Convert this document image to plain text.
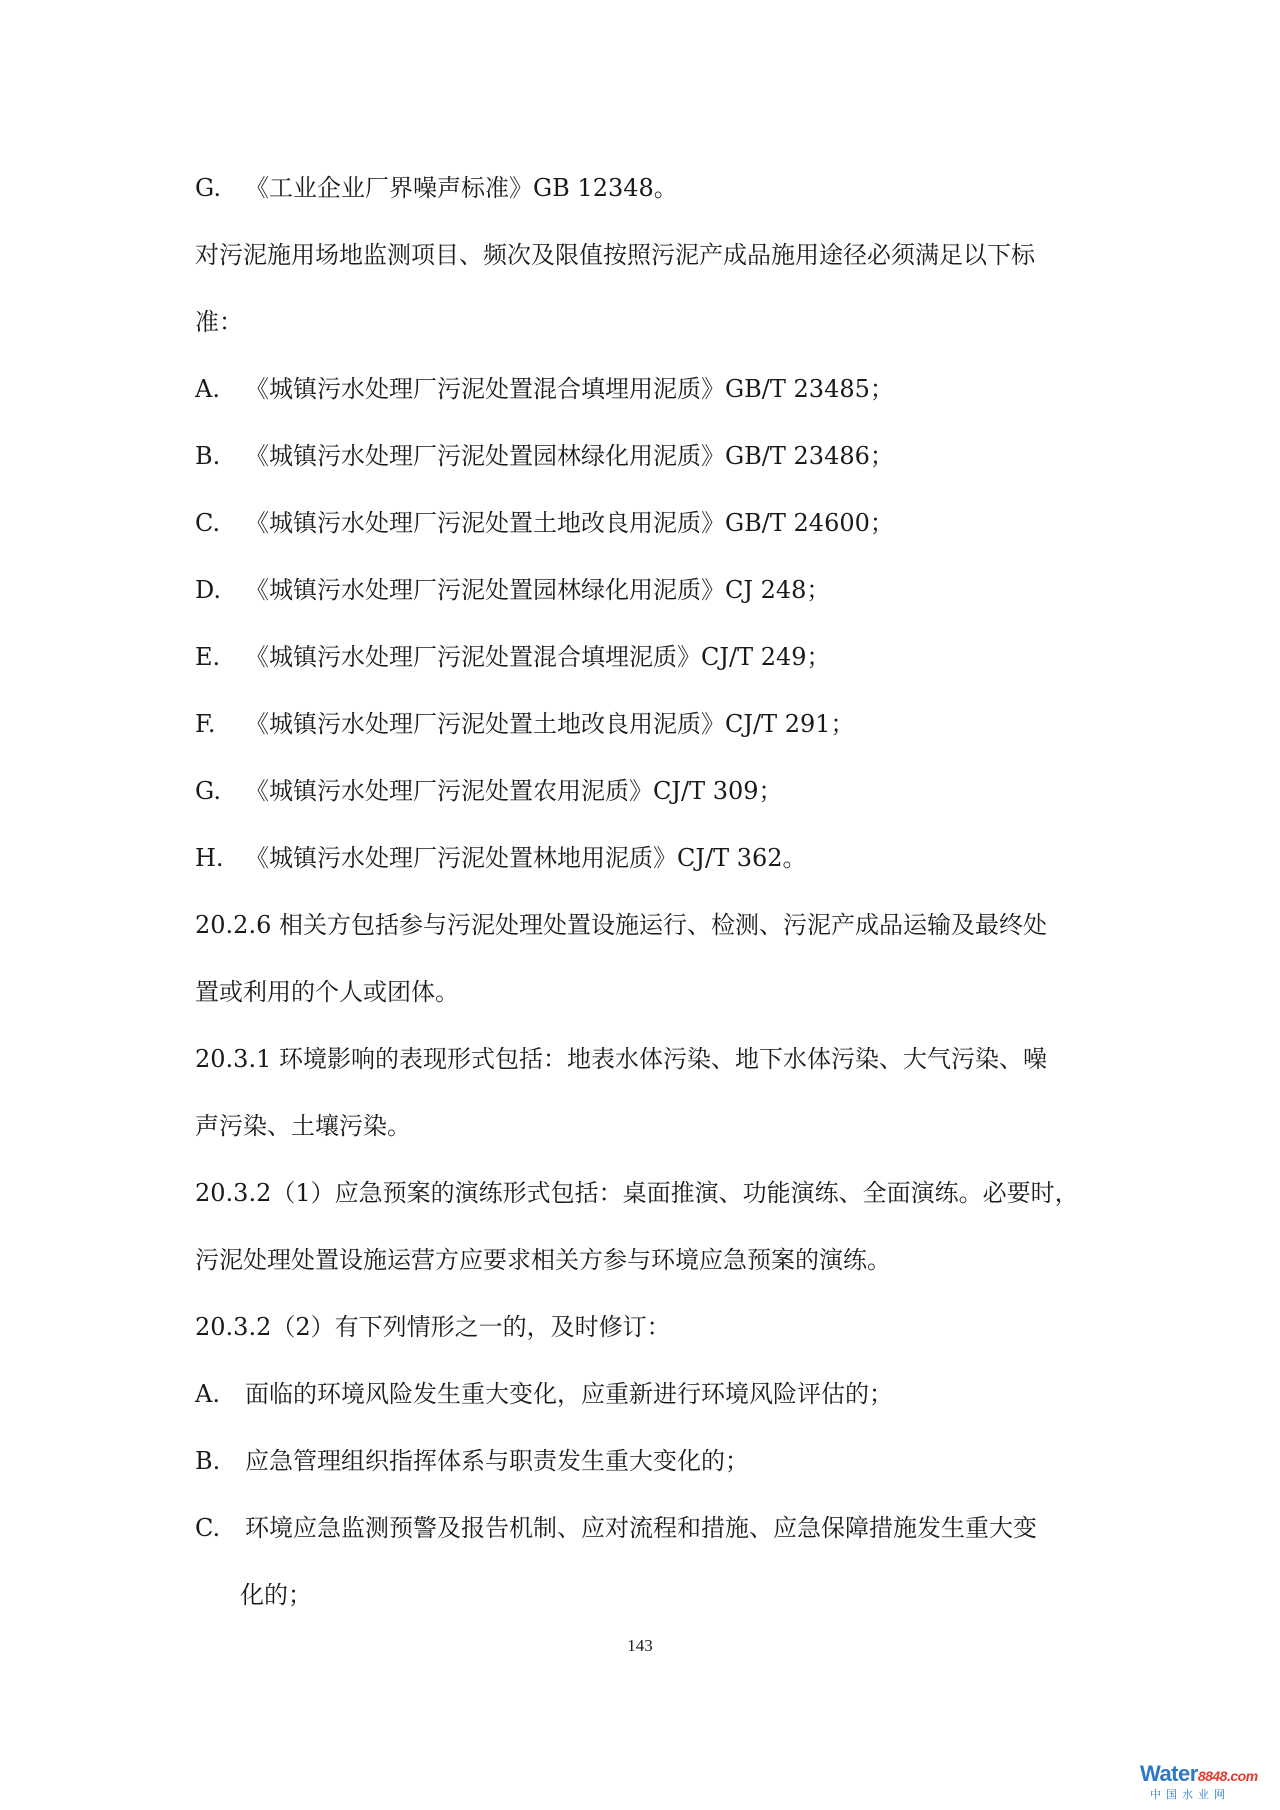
G. 《工业企业厂界噪声标准》GB 12348。
对污泥施用场地监测项目、频次及限值按照污泥产成品施用途径必须满足以下标
准：
A. 《城镇污水处理厂污泥处置混合填埋用泥质》GB/T 23485；
B. 《城镇污水处理厂污泥处置园林绿化用泥质》GB/T 23486；
C. 《城镇污水处理厂污泥处置土地改良用泥质》GB/T 24600；
D. 《城镇污水处理厂污泥处置园林绿化用泥质》CJ 248；
E. 《城镇污水处理厂污泥处置混合填埋泥质》CJ/T 249；
F. 《城镇污水处理厂污泥处置土地改良用泥质》CJ/T 291；
G. 《城镇污水处理厂污泥处置农用泥质》CJ/T 309；
H. 《城镇污水处理厂污泥处置林地用泥质》CJ/T 362。
20.2.6 相关方包括参与污泥处理处置设施运行、检测、污泥产成品运输及最终处
置或利用的个人或团体。
20.3.1 环境影响的表现形式包括：地表水体污染、地下水体污染、大气污染、噪
声污染、土壤污染。
20.3.2（1）应急预案的演练形式包括：桌面推演、功能演练、全面演练。必要时，
污泥处理处置设施运营方应要求相关方参与环境应急预案的演练。
20.3.2（2）有下列情形之一的，及时修订：
A. 面临的环境风险发生重大变化，应重新进行环境风险评估的；
B. 应急管理组织指挥体系与职责发生重大变化的；
C. 环境应急监测预警及报告机制、应对流程和措施、应急保障措施发生重大变
化的；
143
Water8848.com
中国水业网
